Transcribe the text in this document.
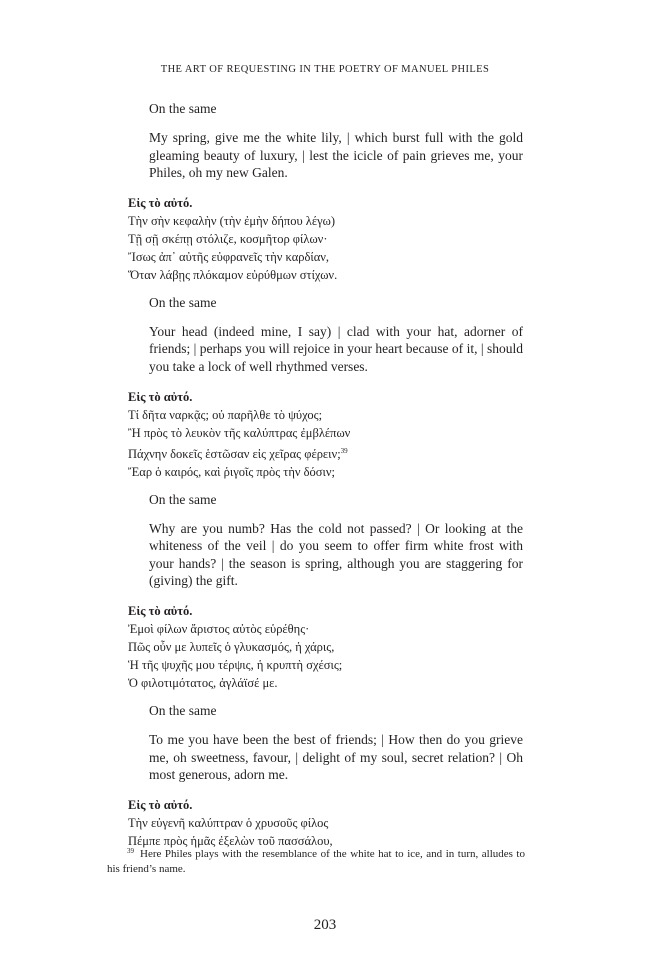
THE ART OF REQUESTING IN THE POETRY OF MANUEL PHILES
On the same
My spring, give me the white lily, | which burst full with the gold gleaming beauty of luxury, | lest the icicle of pain grieves me, your Philes, oh my new Galen.
Εἰς τὸ αὐτό.
Τὴν σὴν κεφαλὴν (τὴν ἐμὴν δήπου λέγω)
Τῇ σῇ σκέπῃ στόλιζε, κοσμῆτορ φίλων·
Ἴσως ἀπ᾽ αὐτῆς εὐφρανεῖς τὴν καρδίαν,
Ὅταν λάβῃς πλόκαμον εὐρύθμων στίχων.
On the same
Your head (indeed mine, I say) | clad with your hat, adorner of friends; | perhaps you will rejoice in your heart because of it, | should you take a lock of well rhythmed verses.
Εἰς τὸ αὐτό.
Τί δῆτα ναρκᾷς; οὐ παρῆλθε τὸ ψύχος;
Ἢ πρὸς τὸ λευκὸν τῆς καλύπτρας ἐμβλέπων
Πάχνην δοκεῖς ἑστῶσαν εἰς χεῖρας φέρειν;$^{39}$
Ἔαρ ὁ καιρός, καὶ ῥιγοῖς πρὸς τὴν δόσιν;
On the same
Why are you numb? Has the cold not passed? | Or looking at the whiteness of the veil | do you seem to offer firm white frost with your hands? | the season is spring, although you are staggering for (giving) the gift.
Εἰς τὸ αὐτό.
Ἐμοὶ φίλων ἄριστος αὐτὸς εὑρέθης·
Πῶς οὖν με λυπεῖς ὁ γλυκασμός, ἡ χάρις,
Ἡ τῆς ψυχῆς μου τέρψις, ἡ κρυπτὴ σχέσις;
Ὁ φιλοτιμότατος, ἀγλάϊσέ με.
On the same
To me you have been the best of friends; | How then do you grieve me, oh sweetness, favour, | delight of my soul, secret relation? | Oh most generous, adorn me.
Εἰς τὸ αὐτό.
Τὴν εὐγενῆ καλύπτραν ὁ χρυσοῦς φίλος
Πέμπε πρὸς ἡμᾶς ἐξελὼν τοῦ πασσάλου,
$^{39}$ Here Philes plays with the resemblance of the white hat to ice, and in turn, alludes to his friend’s name.
203
